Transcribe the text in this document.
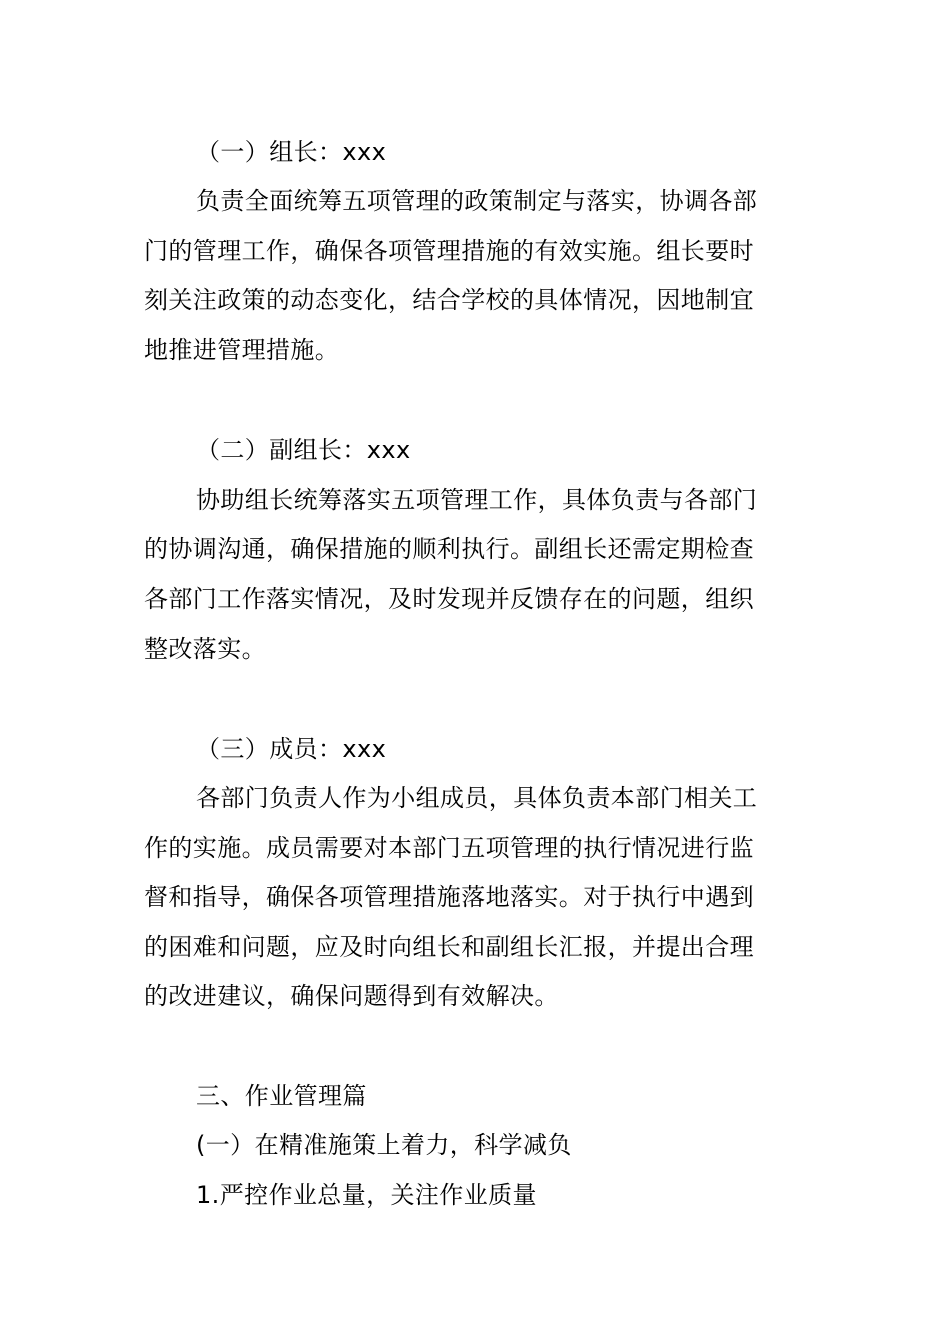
（一）组长：xxx
负责全面统筹五项管理的政策制定与落实，协调各部
门的管理工作，确保各项管理措施的有效实施。组长要时
刻关注政策的动态变化，结合学校的具体情况，因地制宜
地推进管理措施。
（二）副组长：xxx
协助组长统筹落实五项管理工作，具体负责与各部门
的协调沟通，确保措施的顺利执行。副组长还需定期检查
各部门工作落实情况，及时发现并反馈存在的问题，组织
整改落实。
（三）成员：xxx
各部门负责人作为小组成员，具体负责本部门相关工
作的实施。成员需要对本部门五项管理的执行情况进行监
督和指导，确保各项管理措施落地落实。对于执行中遇到
的困难和问题，应及时向组长和副组长汇报，并提出合理
的改进建议，确保问题得到有效解决。
三、作业管理篇
(一）在精准施策上着力，科学减负
1.严控作业总量，关注作业质量
